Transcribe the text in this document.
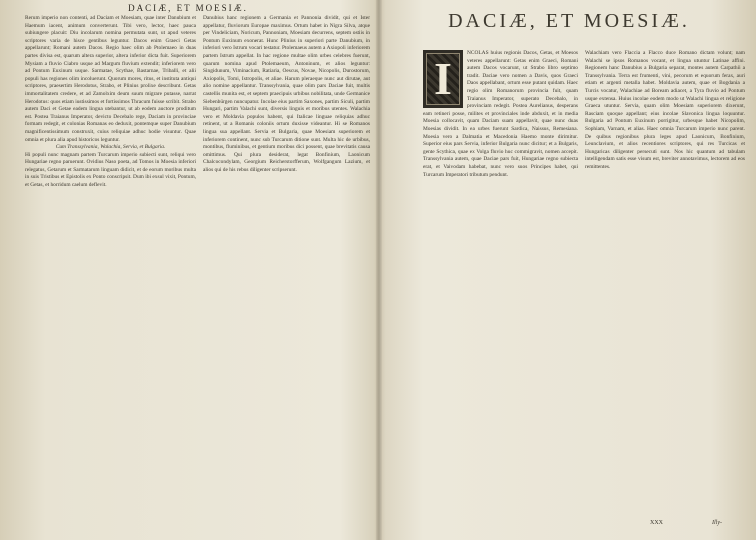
DACIÆ, ET MOESIÆ.

Rerum imperio non contenti, ad Daciam et Moesiam, quae inter Danubium et Haemum iacent, animum converterunt. Tibi vero, lector, haec pauca subiungere placuit: Diu incolarum nomina permutata sunt, ut apud veteres scriptores varia de hisce gentibus leguntur. Dacos enim Graeci Getas appellarunt; Romani autem Dacos. Regio haec olim ab Ptolemaeo in duas partes divisa est, quarum altera superior, altera inferior dicta fuit. Superiorem Mysiam a fluvio Ciabro usque ad Margum fluvium extendit; inferiorem vero ad Pontum Euxinum usque. Sarmatae, Scythae, Bastarnae, Triballi, et alii populi has regiones olim incoluerunt. Quorum mores, ritus, et instituta antiqui scriptores, praesertim Herodotus, Strabo, et Plinius prolixe describunt. Getas immortalitatem credere, et ad Zamolxim deum suum migrare putasse, narrat Herodotus: quos etiam iustissimos et fortissimos Thracum fuisse scribit. Strabo autem Daci et Getae eadem lingua utebantur, ut ab eodem auctore proditum est. Postea Traianus Imperator, devicto Decebalo rege, Daciam in provinciae formam redegit, et colonias Romanas eo deduxit, pontemque super Danubium magnificentissimum construxit, cuius reliquiae adhuc hodie visuntur. Quae omnia et plura alia apud historicos leguntur.

Cum Transsylvania, Walachia, Servia, et Bulgaria.

Hi populi nunc magnam partem Turcarum imperio subiecti sunt, reliqui vero Hungariae regno paruerunt. Ovidius Naso poeta, ad Tomos in Moesia inferiori relegatus, Getarum et Sarmatarum linguam didicit, et de eorum moribus multa in suis Tristibus et Epistolis ex Ponto conscripsit. Dum ibi exsul vixit, Pontum, et Getas, et horridum caelum deflevit.

Danubius hanc regionem a Germania et Pannonia dividit, qui et Ister appellatur, fluviorum Europae maximus. Ortum habet in Nigra Silva, atque per Vindeliciam, Noricum, Pannoniam, Moesiam decurrens, septem ostiis in Pontum Euxinum exonerat. Hunc Plinius in superiori parte Danubium, in inferiori vero Istrum vocari testatur. Ptolemaeus autem a Axiopoli inferiorem partem Istrum appellat. In hac regione multae olim urbes celebres fuerunt, quarum nomina apud Ptolemaeum, Antoninum, et alios leguntur: Singidunum, Viminacium, Ratiaria, Oescus, Novae, Nicopolis, Durostorum, Axiopolis, Tomi, Istropolis, et aliae. Harum pleraeque nunc aut dirutae, aut alio nomine appellantur. Transsylvania, quae olim pars Daciae fuit, multis castellis munita est, et septem praecipuis urbibus nobilitata, unde Germanice Siebenbürgen nuncupatur. Incolae eius partim Saxones, partim Siculi, partim Hungari, partim Valachi sunt, diversis linguis et moribus utentes. Walachia vero et Moldavia populos habent, qui Italicae linguae reliquias adhuc retinent, ut a Romanis coloniis ortum duxisse videantur. Hi se Romanos lingua sua appellant. Servia et Bulgaria, quae Moesiam superiorem et inferiorem continent, nunc sub Turcarum ditione sunt. Multa hic de urbibus, montibus, fluminibus, et gentium moribus dici possent, quae brevitatis causa omittimus. Qui plura desiderat, legat Bonfinium, Laonicum Chalcocondylam, Georgium Reicherstorfferum, Wolfgangum Lazium, et alios qui de his rebus diligenter scripserunt.

DACIÆ, ET MOESIÆ.
I	NCOLAS huius regionis Dacos, Getas, et Moesos veteres appellarunt: Getas enim Graeci, Romani autem Dacos vocarunt, ut Strabo libro septimo tradit. Daciae vero nomen a Davis, quos Graeci Daos appellabant, ortum esse putant quidam. Haec regio olim Romanorum provincia fuit, quam Traianus Imperator, superato Decebalo, in provinciam redegit. Postea Aurelianus, desperans eam retineri posse, milites et provinciales inde abduxit, et in media Moesia collocavit, quam Daciam suam appellavit, quae nunc duas Moesias dividit. In ea urbes fuerunt Sardica, Naissus, Remesiana. Moesia vero a Dalmatia et Macedonia Haemo monte dirimitur. Superior eius pars Servia, inferior Bulgaria nunc dicitur; et a Bulgaris, gente Scythica, quae ex Volga fluvio huc commigravit, nomen accepit. Transsylvania autem, quae Daciae pars fuit, Hungariae regno subiecta erat, et Vaivodam habebat, nunc vero suos Principes habet, qui Turcarum Imperatori tributum pendunt.

Walachiam vero Flaccia a Flacco duce Romano dictam volunt; nam Walachi se ipsos Romanos vocant, et lingua utuntur Latinae affini. Regionem hanc Danubius a Bulgaria separat, montes autem Carpathii a Transsylvania. Terra est frumenti, vini, pecorum et equorum ferax, auri etiam et argenti metalla habet. Moldavia autem, quae et Bogdania a Turcis vocatur, Walachiae ad Boream adiacet, a Tyra fluvio ad Pontum usque extensa. Huius incolae eodem modo ut Walachi lingua et religione Graeca utuntur. Servia, quam olim Moesiam superiorem dixerunt, Rasciam quoque appellant; eius incolae Slavonica lingua loquuntur. Bulgaria ad Pontum Euxinum porrigitur, urbesque habet Nicopolim, Sophiam, Varnam, et alias. Haec omnia Turcarum imperio nunc parent. De quibus regionibus plura leges apud Laonicum, Bonfinium, Leunclavium, et alios recentiores scriptores, qui res Turcicas et Hungaricas diligenter persecuti sunt. Nos hic quantum ad tabulam intelligendam satis esse visum est, breviter annotavimus, lectorem ad eos remittentes.

XXX	Illy-
